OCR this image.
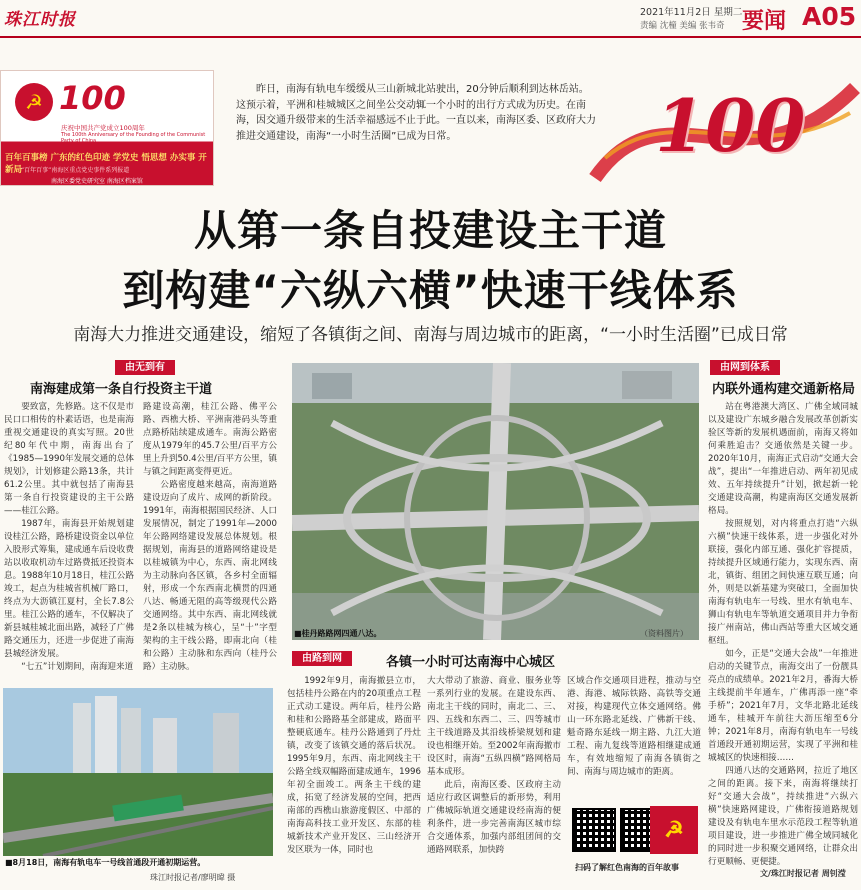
珠江时报	2021年11月2日 星期二
责编 沈橦 美编 张韦奇 要闻 A05
☭ 100
庆祝中国共产党成立100周年
The 100th Anniversary of the Founding of the Communist Party of China
百年百事榜 广东的红色印迹 学党史 悟思想 办实事 开新局
“百年百事”南海区重点党史事件系列报道
南海区委党史研究室 南海区档案馆

昨日，南海有轨电车缓缓从三山新城北站驶出，20分钟后顺利到达林岳站。这预示着，平洲和桂城城区之间坐公交动辄一个小时的出行方式成为历史。在南海，因交通升级带来的生活幸福感远不止于此。一直以来，南海区委、区政府大力推进交通建设，南海“一小时生活圈”已成为日常。	100
从第一条自投建设主干道
到构建“六纵六横”快速干线体系
南海大力推进交通建设，缩短了各镇街之间、南海与周边城市的距离，“一小时生活圈”已成日常
由无到有
南海建成第一条自行投资主干道

要致富，先修路。这不仅是市民口口相传的朴素话语，也是南海重视交通建设的真实写照。20世纪80年代中期，南海出台了《1985—1990年发展交通的总体规划》，计划修建公路13条，共计61.2公里。其中就包括了南海县第一条自行投资建设的主干公路——桂江公路。

1987年，南海县开始规划建设桂江公路，路桥建设资金以单位入股形式筹集，建成通车后设收费站以收取机动车过路费抵还投资本息。1988年10月18日，桂江公路竣工，起点为桂城省机械厂路口，终点为大沥镇江夏村，全长7.8公里。桂江公路的通车，不仅解决了新县城桂城北面出路，减轻了广佛路交通压力，还进一步促进了南海县城经济发展。

“七五”计划期间，南海迎来道

路建设高潮，桂江公路、佛平公路、西樵大桥、平洲南港码头等重点路桥陆续建成通车。南海公路密度从1979年的45.7公里/百平方公里上升到50.4公里/百平方公里，镇与镇之间距离变得更近。

公路密度越来越高，南海道路建设迈向了成片、成网的新阶段。1991年，南海根据国民经济、人口发展情况，制定了1991年—2000年公路网络建设发展总体规划。根据规划，南海县的道路网络建设是以桂城镇为中心，东西、南北网线为主动脉向各区镇，各乡村全面辐射，形成一个东西南北横贯的四通八达、畅通无阻的高等级现代公路交通网络。其中东西、南北网线就是2条以桂城为核心，呈“十”字型架构的主干线公路，即南北向（桂和公路）主动脉和东西向（桂丹公路）主动脉。

■桂丹路路网四通八达。	（资料图片）
■8月18日，南海有轨电车一号线首通段开通初期运营。
珠江时报记者/廖明暐 摄
由路到网	各镇一小时可达南海中心城区

1992年9月，南海撤县立市，包括桂丹公路在内的20项重点工程正式动工建设。两年后，桂丹公路和桂和公路路基全部建成，路面平整硬底通车。桂丹公路通到了丹灶镇，改变了该镇交通的落后状况。1995年9月，东西、南北网线主干公路全线双幅路面建成通车，1996年初全面竣工。两条主干线的建成，拓宽了经济发展的空间，把西南部的西樵山旅游度假区、中部的南海高科技工业开发区、东部的桂城新技术产业开发区、三山经济开发区联为一体，同时也

大大带动了旅游、商业、服务业等一系列行业的发展。在建设东西、南北主干线的同时，南北二、三、四、五线和东西二、三、四等城市主干线道路及其沿线桥梁规划和建设也相继开始。至2002年南海撤市设区时，南海“五纵四横”路网格局基本成形。

此后，南海区委、区政府主动适应行政区调整后的新形势，利用广佛城际轨道交通建设经南海的便利条件，进一步完善南海区城市综合交通体系，加强内部组团间的交通路网联系，加快跨

区域合作交通项目进程，推动与空港、海港、城际铁路、高铁等交通对接，构建现代立体交通网络。佛山一环东路北延线、广佛新干线、魁奇路东延线一期主路、九江大道工程、南九复线等道路相继建成通车，有效地缩短了南海各镇街之间、南海与周边城市的距离。

☭
扫码了解红色南海的百年故事
由网到体系
内联外通构建交通新格局

站在粤港澳大湾区、广佛全域同城以及建设广东城乡融合发展改革创新实验区等新的发展机遇面前，南海又将如何乘胜追击？交通依然是关键一步。2020年10月，南海正式启动“交通大会战”，提出“一年推进启动、两年初见成效、五年持续提升”计划，掀起新一轮交通建设高潮，构建南海区交通发展新格局。

按照规划，对内将重点打造“六纵六横”快速干线体系，进一步强化对外联接，强化内部互通、强化扩容提质，持续提升区域通行能力，实现东西、南北，镇街、组团之间快速互联互通；向外，则是以新基建为突破口，全面加快南海有轨电车一号线、里水有轨电车、狮山有轨电车等轨道交通项目并力争衔接广州南站，佛山西站等重大区域交通枢纽。

如今，正是“交通大会战”一年推进启动的关键节点，南海交出了一份靓具亮点的成绩单。2021年2月，番海大桥主线提前半年通车，广佛再添一座“牵手桥”；2021年7月，文华北路北延线通车，桂城开车前往大沥压缩至6分钟；2021年8月，南海有轨电车一号线首通段开通初期运营，实现了平洲和桂城城区的快速相接……

四通八达的交通路网，拉近了地区之间的距离。接下来，南海将继续打好“交通大会战”，持续推进“六纵六横”快速路网建设，广佛衔接道路规划建设及有轨电车里水示范段工程等轨道项目建设，进一步推进广佛全域同城化的同时进一步积聚交通网络，让群众出行更顺畅、更便捷。

文/珠江时报记者 周钊滢
